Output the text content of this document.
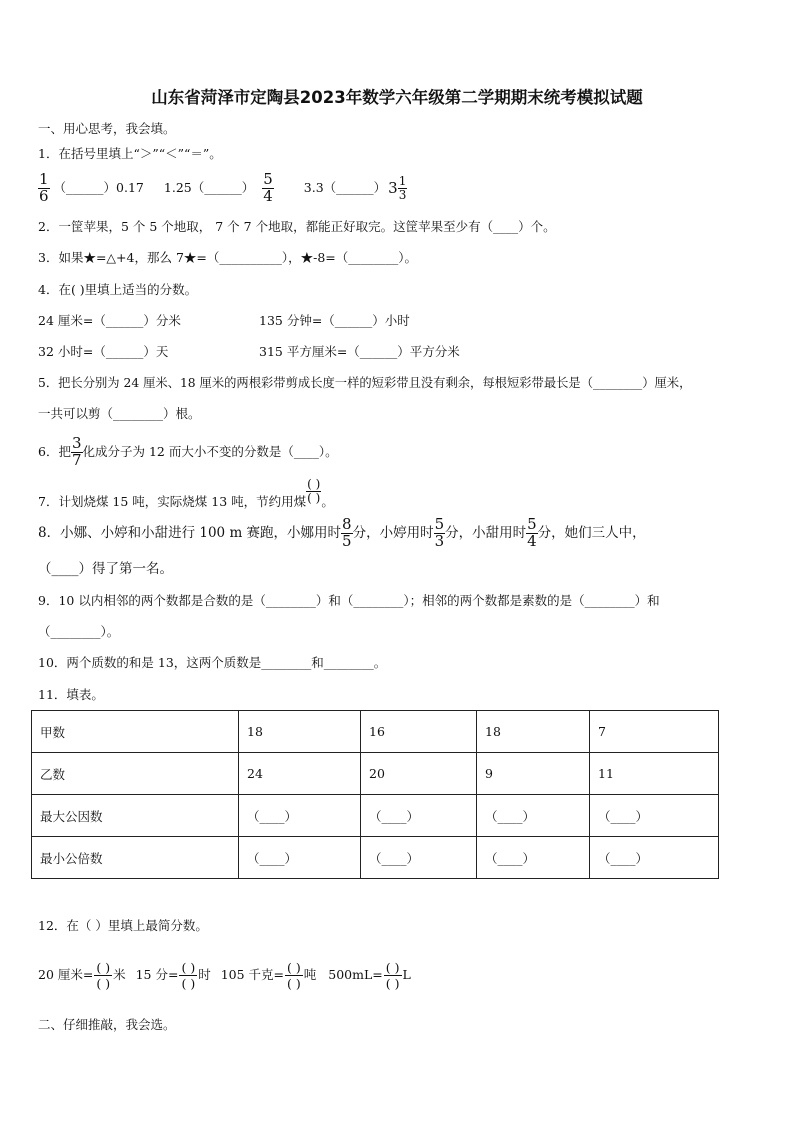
山东省菏泽市定陶县2023年数学六年级第二学期期末统考模拟试题
一、用心思考，我会填。
1．在括号里填上“＞”“＜”“＝”。
$\frac{1}{6}$ （______）0.17 1.25（______） $\frac{5}{4}$ 3.3（______） $3 \frac{1}{3}$
2．一筐苹果，5 个 5 个地取， 7 个 7 个地取，都能正好取完。这筐苹果至少有（____）个。
3．如果★=△+4，那么 7★=（__________），★-8=（________）。
4．在( )里填上适当的分数。
24 厘米=（______）分米	135 分钟=（______）小时
32 小时=（______）天	315 平方厘米=（______）平方分米
5．把长分别为 24 厘米、18 厘米的两根彩带剪成长度一样的短彩带且没有剩余，每根短彩带最长是（________）厘米，
一共可以剪（________）根。
6．把 $\frac{3}{7}$ 化成分子为 12 而大小不变的分数是（____）。
7．计划烧煤 15 吨，实际烧煤 13 吨，节约用煤 $\frac{( )}{( )}$ 。
8．小娜、小婷和小甜进行 100 m 赛跑，小娜用时 $\frac{8}{5}$ 分，小婷用时 $\frac{5}{3}$ 分，小甜用时 $\frac{5}{4}$ 分，她们三人中，
（____）得了第一名。
9．10 以内相邻的两个数都是合数的是（________）和（________）；相邻的两个数都是素数的是（________）和
（________）。
10．两个质数的和是 13，这两个质数是________和________。
11．填表。
甲数	18	16	18	7
乙数	24	20	9	11
最大公因数	（____）	（____）	（____）	（____）
最小公倍数	（____）	（____）	（____）	（____）
12．在（ ）里填上最简分数。
20 厘米= ( )
( )
米 15 分= ( )
( )
时 105 千克= ( )
( )
吨 500mL= ( )
( )
L
二、仔细推敲，我会选。
